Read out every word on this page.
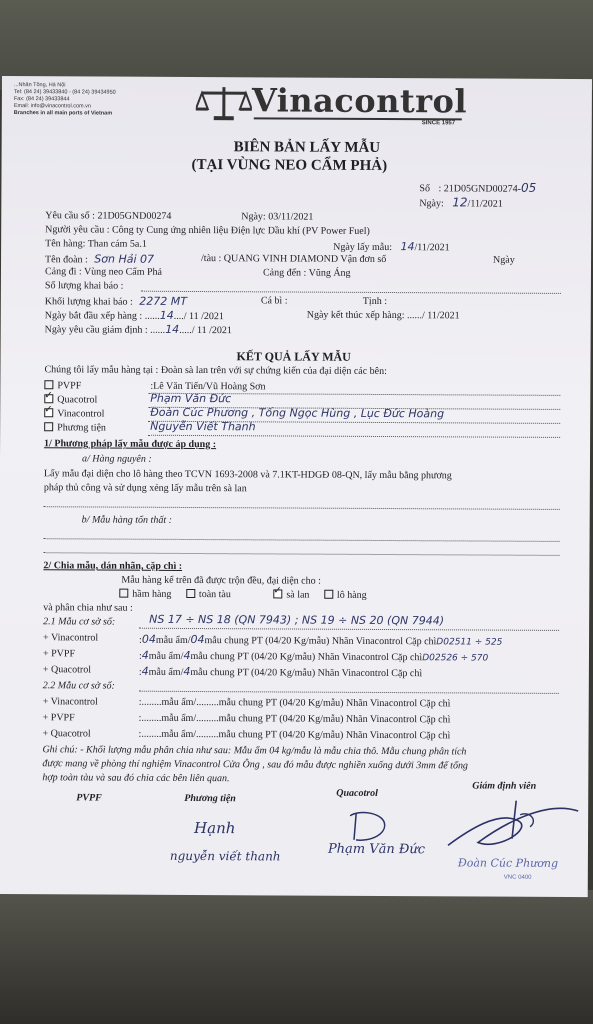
...Nhân Tông, Hà Nội
Tel: (84 24) 39433840 - (84 24) 39434950
Fax: (84 24) 39433844
Email: info@vinacontrol.com.vn
Branches in all main ports of Vietnam	Vinacontrol
SINCE 1957
BIÊN BẢN LẤY MẪU
(TẠI VÙNG NEO CẨM PHẢ)
Số : 21D05GND00274-05
Ngày: 12/11/2021
Yêu cầu số : 21D05GND00274	Ngày: 03/11/2021
Người yêu cầu : Công ty Cung ứng nhiên liệu Điện lực Dầu khí (PV Power Fuel)
Tên hàng: Than cám 5a.1	Ngày lấy mẫu: 14/11/2021
Tên đoàn : Sơn Hải 07	/tàu : QUANG VINH DIAMOND Vận đơn số	Ngày
Cảng đi : Vùng neo Cẩm Phả	Cảng đến : Vũng Áng
Số lượng khai báo :
Khối lượng khai báo : 2272 MT	Cá bì :	Tịnh :
Ngày bắt đầu xếp hàng : ......14..../ 11 /2021	Ngày kết thúc xếp hàng: ....../ 11/2021
Ngày yêu cầu giám định : ......14...../ 11 /2021
KẾT QUẢ LẤY MẪU
Chúng tôi lấy mẫu hàng tại : Đoàn sà lan trên với sự chứng kiến của đại diện các bên:
PVPF	:Lê Văn Tiến/Vũ Hoàng Sơn
✓Quacotrol	Phạm Văn Đức
✓Vinacontrol	Đoàn Cúc Phương , Tống Ngọc Hùng , Lục Đức Hoàng
Phương tiện	Nguyễn Viết Thanh
1/ Phương pháp lấy mẫu được áp dụng :
a/ Hàng nguyên :
Lấy mẫu đại diện cho lô hàng theo TCVN 1693-2008 và 7.1KT-HDGĐ 08-QN, lấy mẫu bằng phương
pháp thủ công và sử dụng xẻng lấy mẫu trên sà lan
b/ Mẫu hàng tổn thất :
2/ Chia mẫu, dán nhãn, cặp chì :
Mẫu hàng kể trên đã được trộn đều, đại diện cho :
hầm hàng	toàn tàu ✓	sà lan	lô hàng
và phân chia như sau :
2.1 Mẫu cơ sở số:	NS 17 ÷ NS 18 (QN 7943) ; NS 19 ÷ NS 20 (QN 7944)
+ Vinacontrol	:04mẫu ẩm/04mẫu chung PT (04/20 Kg/mẫu) Nhãn Vinacontrol Cặp chìD02511 ÷ 525
+ PVPF	:4mẫu ẩm/4mẫu chung PT (04/20 Kg/mẫu) Nhãn Vinacontrol Cặp chìD02526 ÷ 570
+ Quacotrol	:4mẫu ẩm/4mẫu chung PT (04/20 Kg/mẫu) Nhãn Vinacontrol Cặp chì
2.2 Mẫu cơ sở số:
+ Vinacontrol	:........mẫu ẩm/.........mẫu chung PT (04/20 Kg/mẫu) Nhãn Vinacontrol Cặp chì
+ PVPF	:........mẫu ẩm/.........mẫu chung PT (04/20 Kg/mẫu) Nhãn Vinacontrol Cặp chì
+ Quacotrol	:........mẫu ẩm/.........mẫu chung PT (04/20 Kg/mẫu) Nhãn Vinacontrol Cặp chì
Ghi chú: - Khối lượng mẫu phân chia như sau: Mẫu ẩm 04 kg/mẫu là mẫu chia thô. Mẫu chung phân tích
được mang về phòng thí nghiệm Vinacontrol Cửa Ông , sau đó mẫu được nghiền xuống dưới 3mm để tổng
hợp toàn tàu và sau đó chia các bên liên quan.
PVPF	Phương tiện	Quacotrol
Giám định viên
Hạnh
nguyễn viết thanh	Phạm Văn Đức
Đoàn Cúc Phương
VNC 0400
